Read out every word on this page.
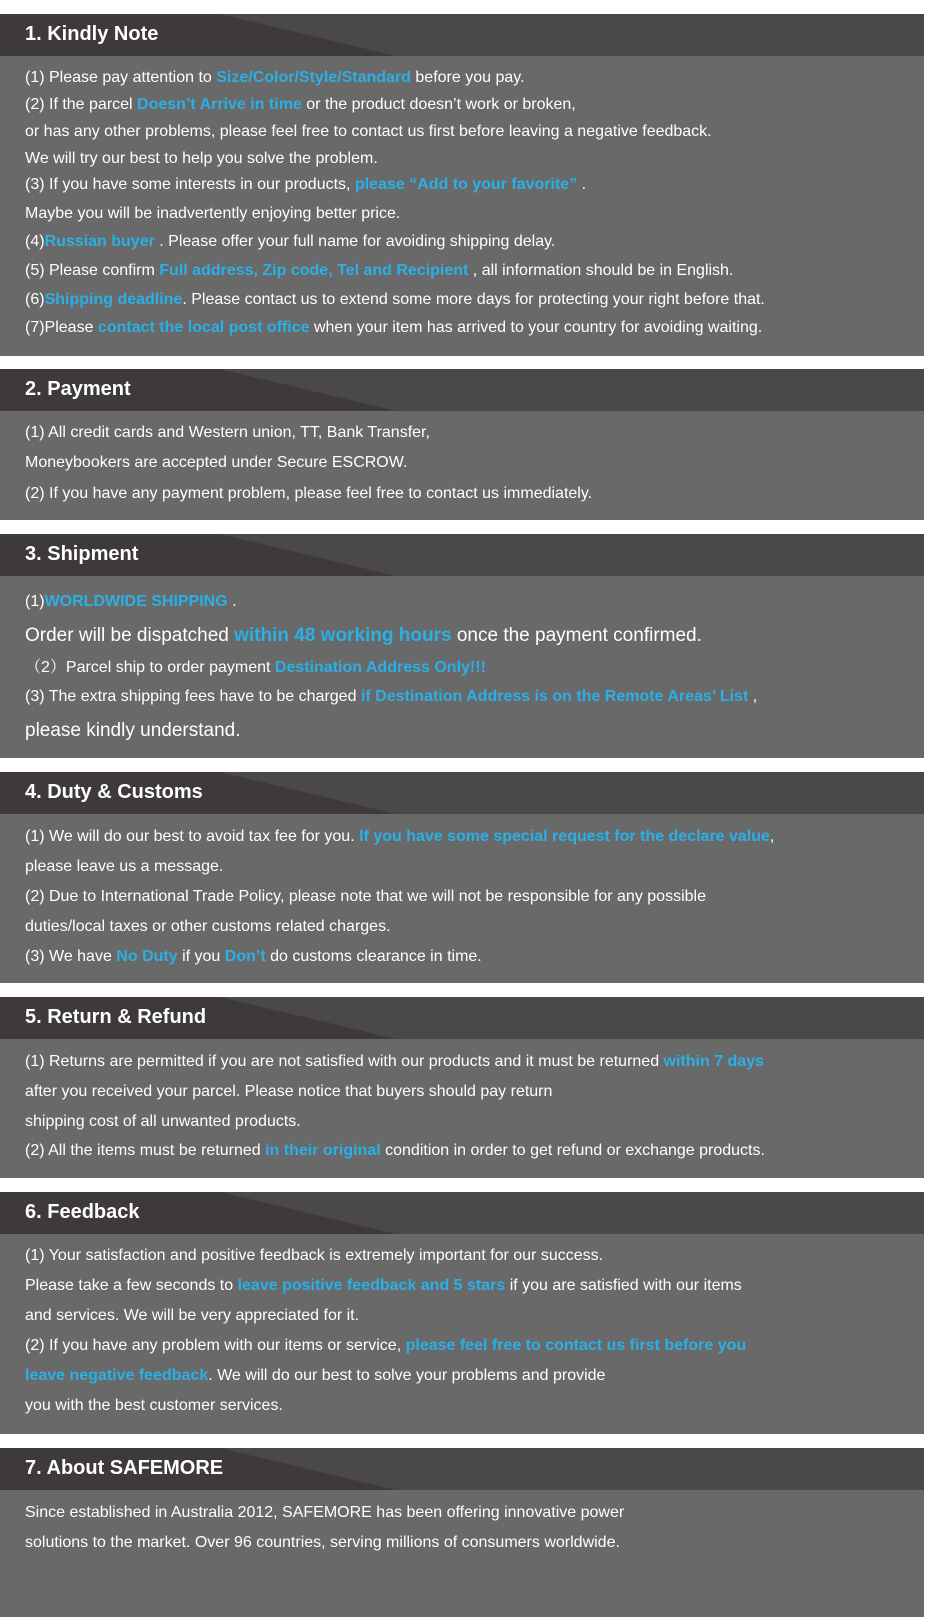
1. Kindly Note
(1) Please pay attention to Size/Color/Style/Standard before you pay.
(2) If the parcel Doesn’t Arrive in time or the product doesn’t work or broken,
or has any other problems, please feel free to contact us first before leaving a negative feedback.
We will try our best to help you solve the problem.
(3) If you have some interests in our products, please “Add to your favorite” .
Maybe you will be inadvertently enjoying better price.
(4)Russian buyer . Please offer your full name for avoiding shipping delay.
(5) Please confirm Full address, Zip code, Tel and Recipient , all information should be in English.
(6)Shipping deadline. Please contact us to extend some more days for protecting your right before that.
(7)Please contact the local post office when your item has arrived to your country for avoiding waiting.
2. Payment
(1) All credit cards and Western union, TT, Bank Transfer,
Moneybookers are accepted under Secure ESCROW.
(2) If you have any payment problem, please feel free to contact us immediately.
3. Shipment
(1)WORLDWIDE SHIPPING .
Order will be dispatched within 48 working hours once the payment confirmed.
（2）Parcel ship to order payment Destination Address Only!!!
(3) The extra shipping fees have to be charged if Destination Address is on the Remote Areas’ List ,
please kindly understand.
4. Duty & Customs
(1) We will do our best to avoid tax fee for you. If you have some special request for the declare value,
please leave us a message.
(2) Due to International Trade Policy, please note that we will not be responsible for any possible
duties/local taxes or other customs related charges.
(3) We have No Duty if you Don’t do customs clearance in time.
5. Return & Refund
(1) Returns are permitted if you are not satisfied with our products and it must be returned within 7 days
after you received your parcel. Please notice that buyers should pay return
shipping cost of all unwanted products.
(2) All the items must be returned in their original condition in order to get refund or exchange products.
6. Feedback
(1) Your satisfaction and positive feedback is extremely important for our success.
Please take a few seconds to leave positive feedback and 5 stars if you are satisfied with our items
and services. We will be very appreciated for it.
(2) If you have any problem with our items or service, please feel free to contact us first before you
leave negative feedback. We will do our best to solve your problems and provide
you with the best customer services.
7. About SAFEMORE
Since established in Australia 2012, SAFEMORE has been offering innovative power
solutions to the market. Over 96 countries, serving millions of consumers worldwide.
